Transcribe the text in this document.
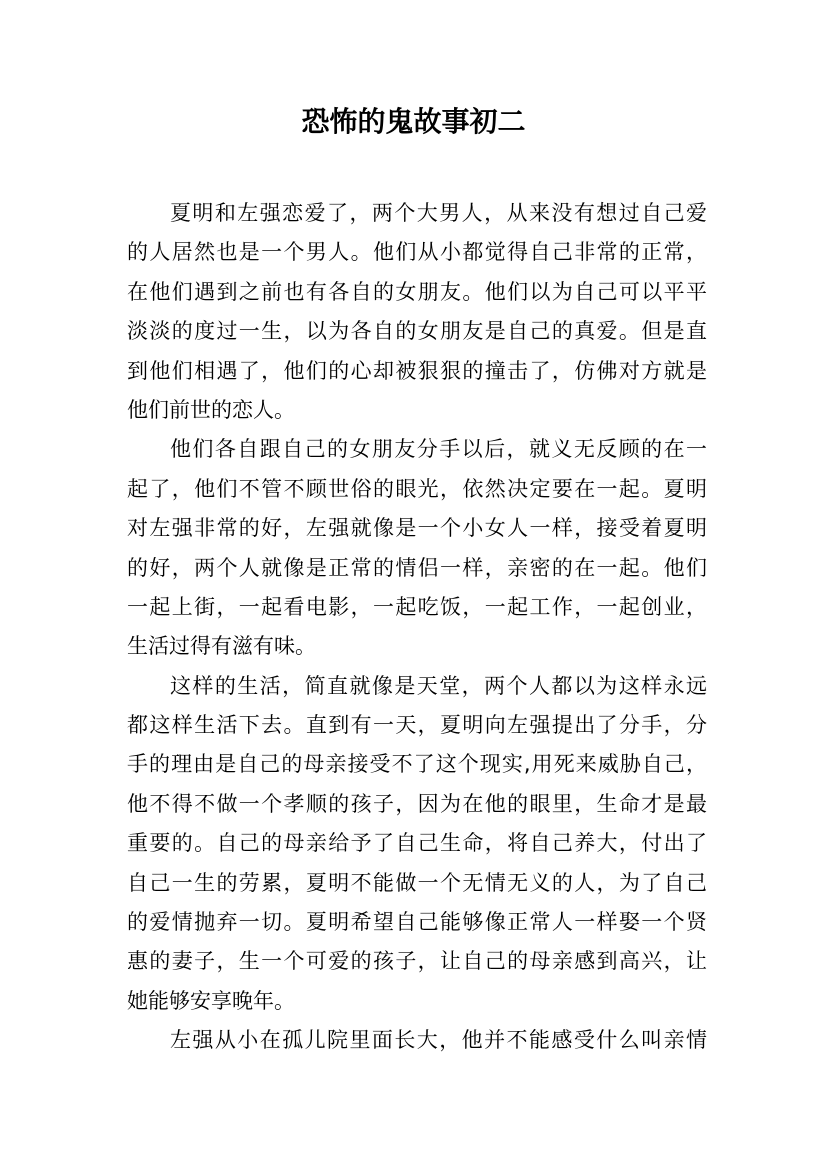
恐怖的鬼故事初二
夏明和左强恋爱了，两个大男人，从来没有想过自己爱
的人居然也是一个男人。他们从小都觉得自己非常的正常，
在他们遇到之前也有各自的女朋友。他们以为自己可以平平
淡淡的度过一生，以为各自的女朋友是自己的真爱。但是直
到他们相遇了，他们的心却被狠狠的撞击了，仿佛对方就是
他们前世的恋人。
他们各自跟自己的女朋友分手以后，就义无反顾的在一
起了，他们不管不顾世俗的眼光，依然决定要在一起。夏明
对左强非常的好，左强就像是一个小女人一样，接受着夏明
的好，两个人就像是正常的情侣一样，亲密的在一起。他们
一起上街，一起看电影，一起吃饭，一起工作，一起创业，
生活过得有滋有味。
这样的生活，简直就像是天堂，两个人都以为这样永远
都这样生活下去。直到有一天，夏明向左强提出了分手，分
手的理由是自己的母亲接受不了这个现实,用死来威胁自己，
他不得不做一个孝顺的孩子，因为在他的眼里，生命才是最
重要的。自己的母亲给予了自己生命，将自己养大，付出了
自己一生的劳累，夏明不能做一个无情无义的人，为了自己
的爱情抛弃一切。夏明希望自己能够像正常人一样娶一个贤
惠的妻子，生一个可爱的孩子，让自己的母亲感到高兴，让
她能够安享晚年。
左强从小在孤儿院里面长大，他并不能感受什么叫亲情
